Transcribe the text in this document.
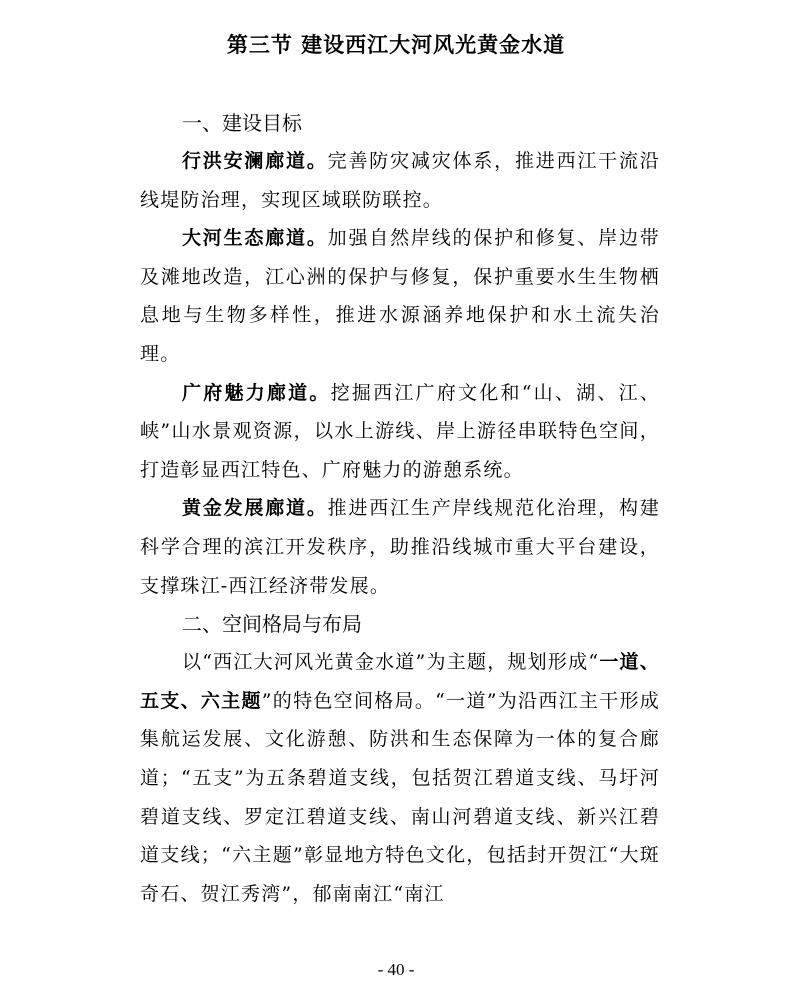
第三节 建设西江大河风光黄金水道
一、建设目标

行洪安澜廊道。完善防灾减灾体系，推进西江干流沿线堤防治理，实现区域联防联控。

大河生态廊道。加强自然岸线的保护和修复、岸边带及滩地改造，江心洲的保护与修复，保护重要水生生物栖息地与生物多样性，推进水源涵养地保护和水土流失治理。

广府魅力廊道。挖掘西江广府文化和“山、湖、江、峡”山水景观资源，以水上游线、岸上游径串联特色空间，打造彰显西江特色、广府魅力的游憩系统。

黄金发展廊道。推进西江生产岸线规范化治理，构建科学合理的滨江开发秩序，助推沿线城市重大平台建设，支撑珠江-西江经济带发展。

二、空间格局与布局

以“西江大河风光黄金水道”为主题，规划形成“一道、五支、六主题”的特色空间格局。“一道”为沿西江主干形成集航运发展、文化游憩、防洪和生态保障为一体的复合廊道；“五支”为五条碧道支线，包括贺江碧道支线、马圩河碧道支线、罗定江碧道支线、南山河碧道支线、新兴江碧道支线；“六主题”彰显地方特色文化，包括封开贺江“大斑奇石、贺江秀湾”，郁南南江“南江

- 40 -
